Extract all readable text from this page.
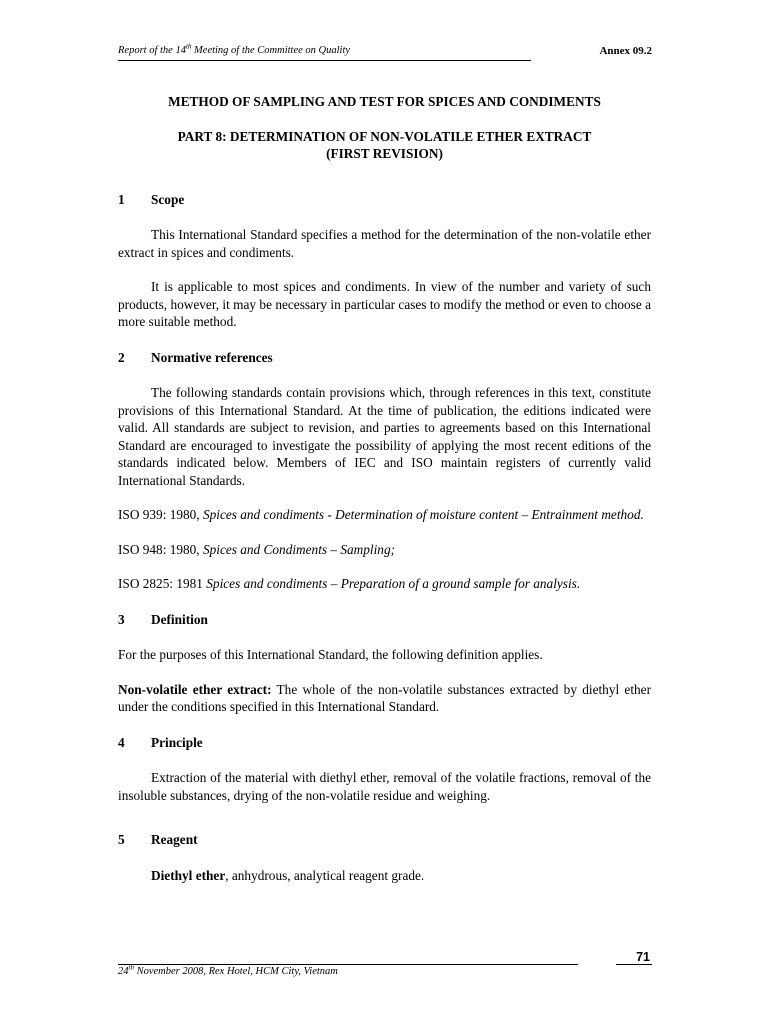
Report of the 14th Meeting of the Committee on Quality	Annex 09.2
METHOD OF SAMPLING AND TEST FOR SPICES AND CONDIMENTS
PART 8: DETERMINATION OF NON-VOLATILE ETHER EXTRACT
(FIRST REVISION)
1	Scope

This International Standard specifies a method for the determination of the non-volatile ether extract in spices and condiments.

It is applicable to most spices and condiments. In view of the number and variety of such products, however, it may be necessary in particular cases to modify the method or even to choose a more suitable method.

2	Normative references

The following standards contain provisions which, through references in this text, constitute provisions of this International Standard. At the time of publication, the editions indicated were valid. All standards are subject to revision, and parties to agreements based on this International Standard are encouraged to investigate the possibility of applying the most recent editions of the standards indicated below. Members of IEC and ISO maintain registers of currently valid International Standards.

ISO 939: 1980, Spices and condiments - Determination of moisture content – Entrainment method.

ISO 948: 1980, Spices and Condiments – Sampling;

ISO 2825: 1981 Spices and condiments – Preparation of a ground sample for analysis.

3	Definition

For the purposes of this International Standard, the following definition applies.

Non-volatile ether extract: The whole of the non-volatile substances extracted by diethyl ether under the conditions specified in this International Standard.

4	Principle

Extraction of the material with diethyl ether, removal of the volatile fractions, removal of the insoluble substances, drying of the non-volatile residue and weighing.

5	Reagent

Diethyl ether, anhydrous, analytical reagent grade.

71
24th November 2008, Rex Hotel, HCM City, Vietnam
